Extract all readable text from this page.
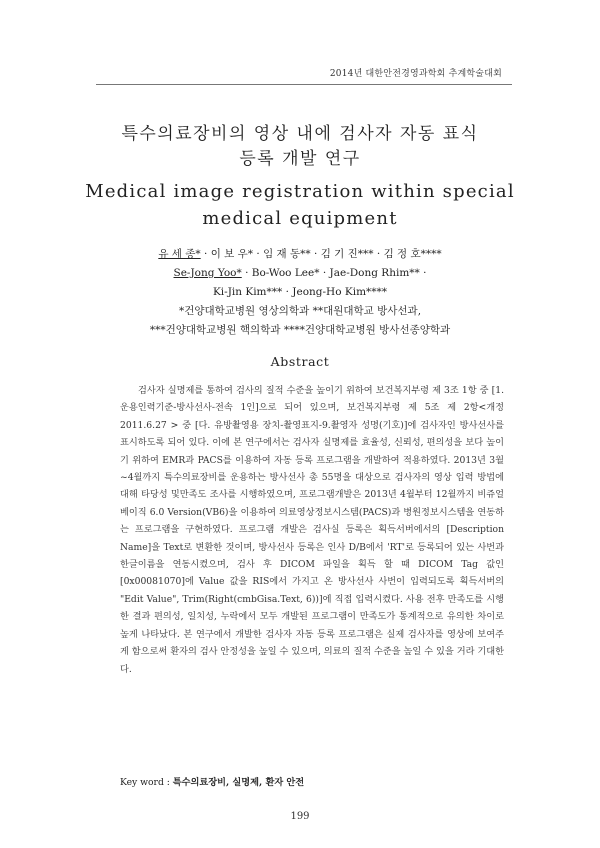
2014년 대한안전경영과학회 추계학술대회
특수의료장비의 영상 내에 검사자 자동 표식
등록 개발 연구
Medical image registration within special
medical equipment
유 세 종* · 이 보 우* · 임 재 동** · 김 기 진*** · 김 정 호****
Se-Jong Yoo* · Bo-Woo Lee* · Jae-Dong Rhim** ·
Ki-Jin Kim*** · Jeong-Ho Kim****
*건양대학교병원 영상의학과 **대원대학교 방사선과,
***건양대학교병원 핵의학과 ****건양대학교병원 방사선종양학과
Abstract

검사자 실명제를 통하여 검사의 질적 수준을 높이기 위하여 보건복지부령 제 3조 1항 중 [1. 운용인력기준-방사선사-전속 1인]으로 되어 있으며, 보건복지부령 제 5조 제 2항<개정 2011.6.27 > 중 [다. 유방촬영용 장치-촬영표지-9.촬영자 성명(기호)]에 검사자인 방사선사를 표시하도록 되어 있다. 이에 본 연구에서는 검사자 실명제를 효율성, 신뢰성, 편의성을 보다 높이기 위하여 EMR과 PACS를 이용하여 자동 등록 프로그램을 개발하여 적용하였다. 2013년 3월~4월까지 특수의료장비를 운용하는 방사선사 총 55명을 대상으로 검사자의 영상 입력 방법에 대해 타당성 및만족도 조사를 시행하였으며, 프로그램개발은 2013년 4월부터 12월까지 비쥬얼베이직 6.0 Version(VB6)을 이용하여 의료영상정보시스템(PACS)과 병원정보시스템을 연동하는 프로그램을 구현하였다. 프로그램 개발은 검사실 등록은 획득서버에서의 [Description Name]을 Text로 변환한 것이며, 방사선사 등록은 인사 D/B에서 'RT'로 등록되어 있는 사번과 한글이름을 연동시켰으며, 검사 후 DICOM 파일을 획득 할 때 DICOM Tag 값인 [0x00081070]에 Value 값을 RIS에서 가지고 온 방사선사 사번이 입력되도록 획득서버의 "Edit Value", Trim(Right(cmbGisa.Text, 6))]에 직접 입력시켰다. 사용 전후 만족도를 시행한 결과 편의성, 일치성, 누락에서 모두 개발된 프로그램이 만족도가 통계적으로 유의한 차이로 높게 나타났다. 본 연구에서 개발한 검사자 자동 등록 프로그램은 실제 검사자를 영상에 보여주게 함으로써 환자의 검사 안정성을 높일 수 있으며, 의료의 질적 수준을 높일 수 있을 거라 기대한다.

Key word : 특수의료장비, 실명제, 환자 안전
199
